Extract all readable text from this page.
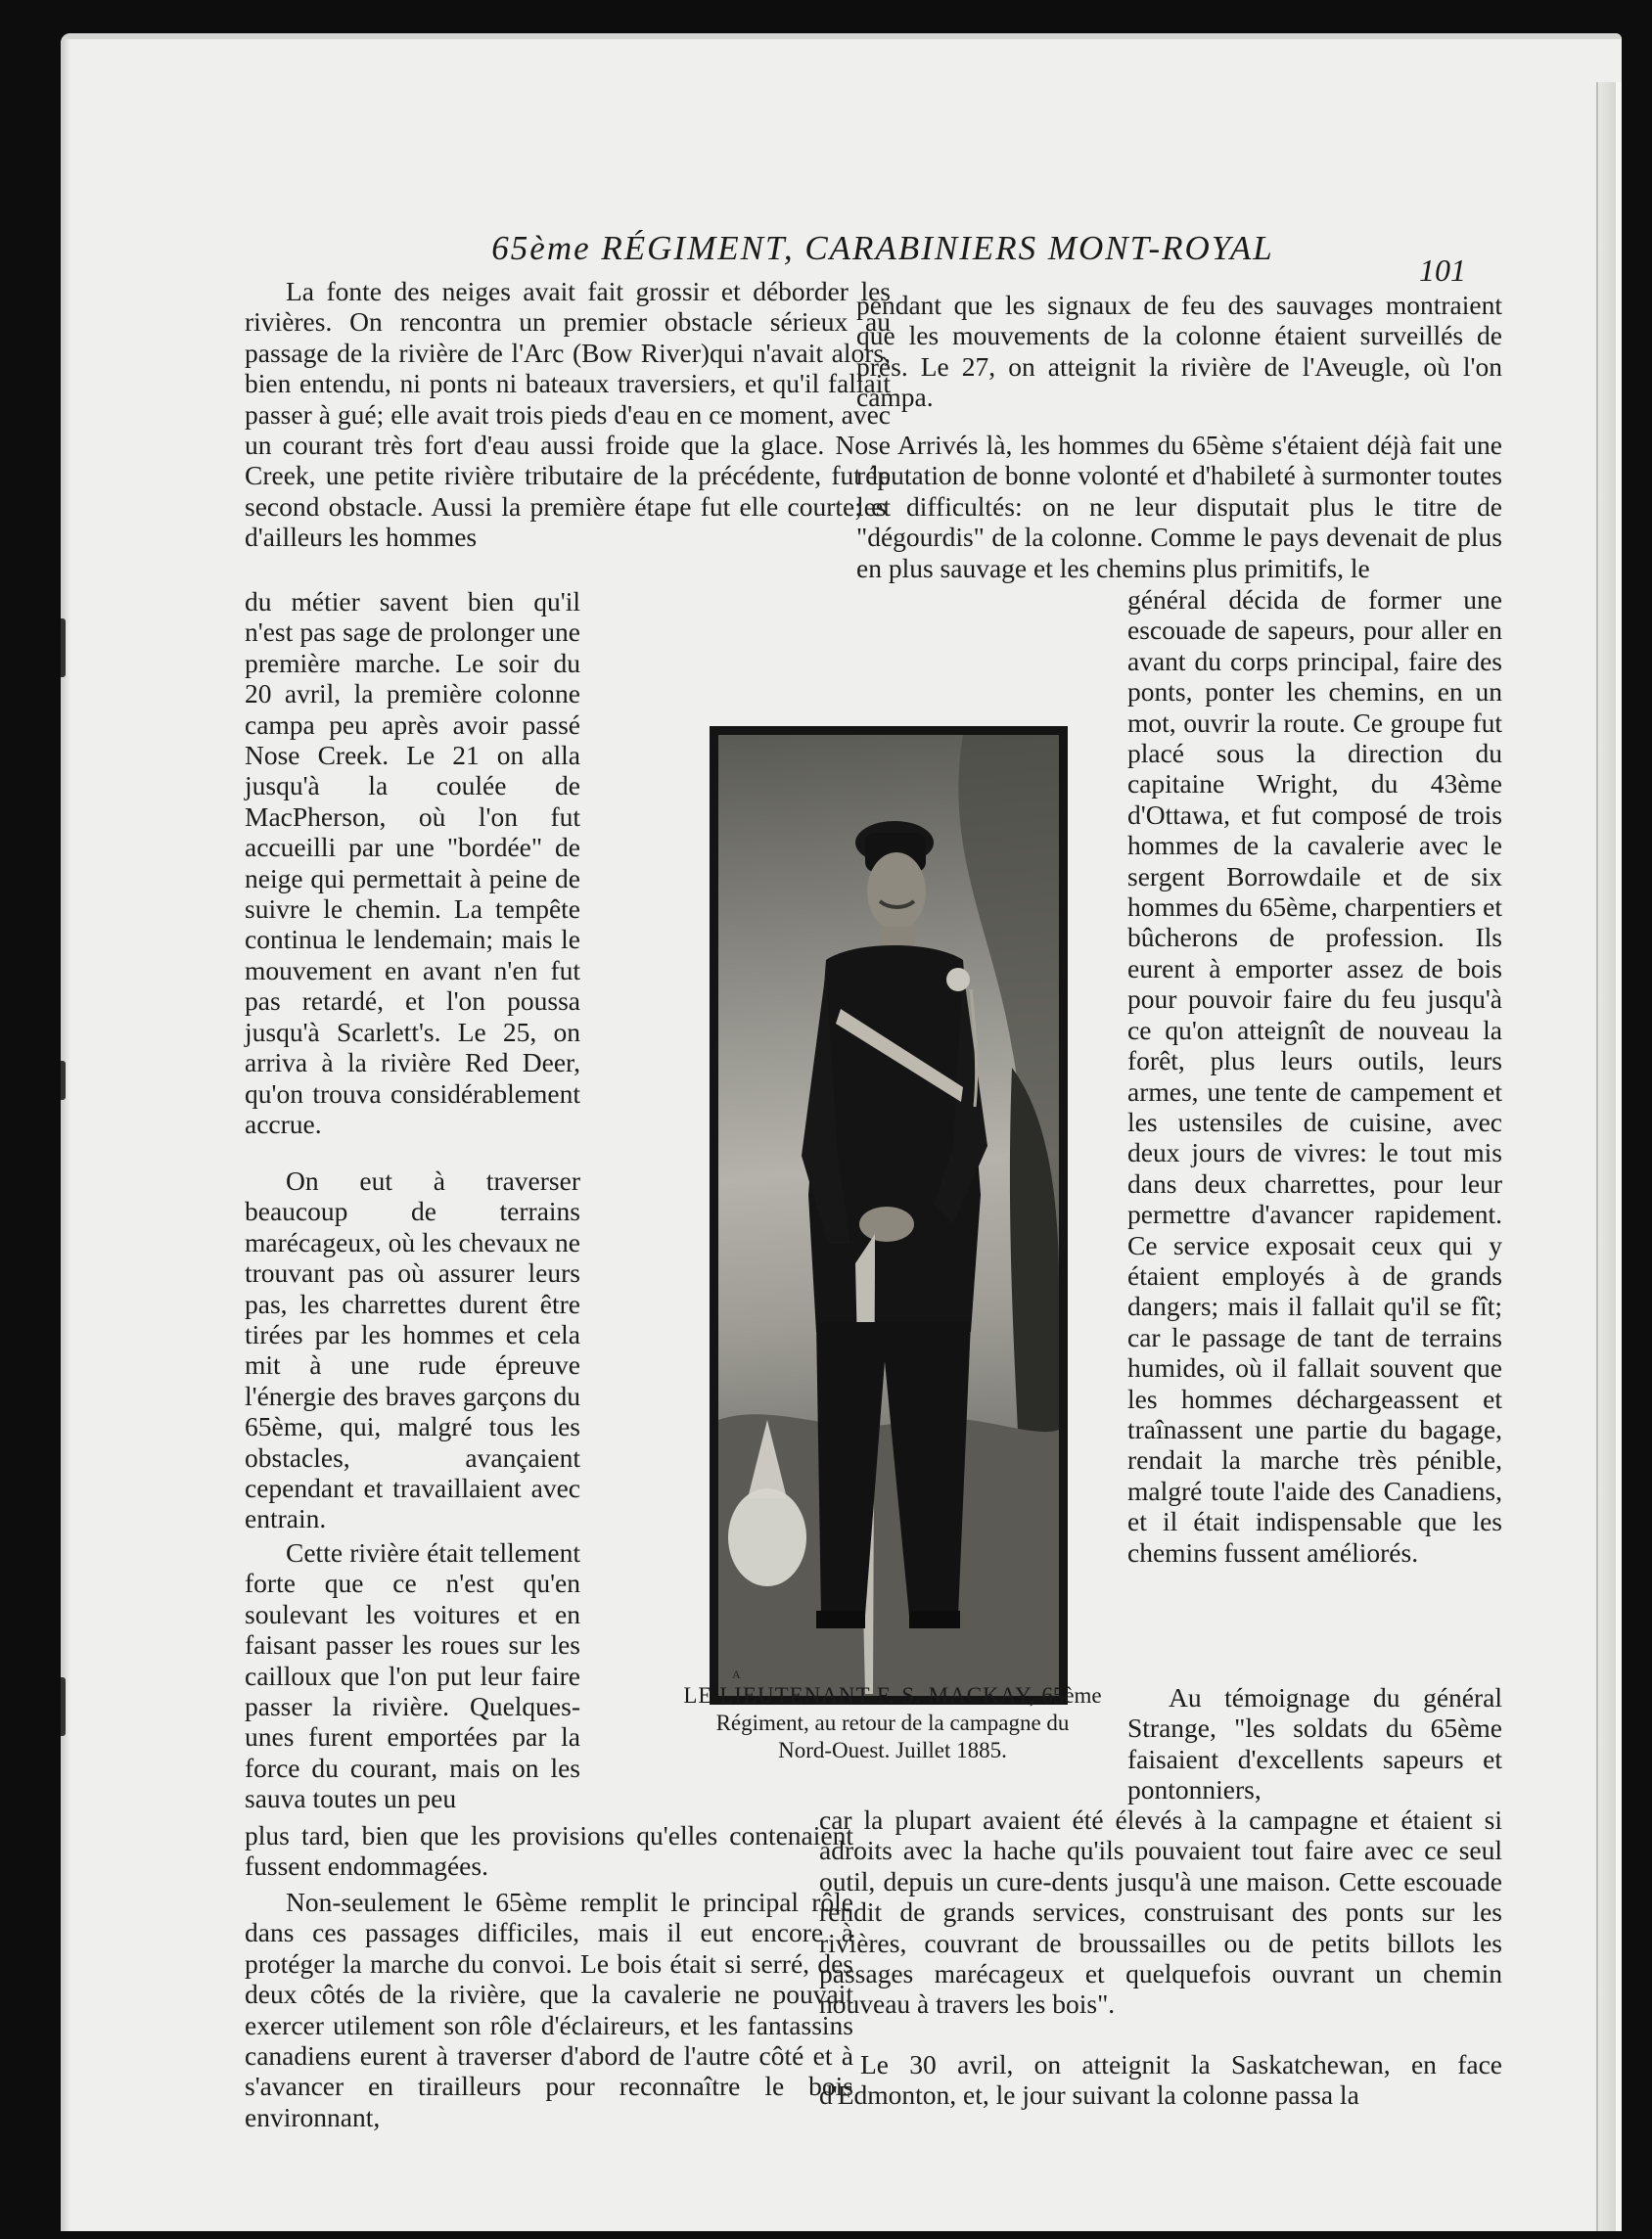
65ème RÉGIMENT, CARABINIERS MONT-ROYAL
101

La fonte des neiges avait fait grossir et déborder les rivières. On rencontra un premier obstacle sérieux au passage de la rivière de l'Arc (Bow River)qui n'avait alors, bien entendu, ni ponts ni bateaux traversiers, et qu'il fallait passer à gué; elle avait trois pieds d'eau en ce moment, avec un courant très fort d'eau aussi froide que la glace. Nose Creek, une petite rivière tributaire de la précédente, fut le second obstacle. Aussi la première étape fut elle courte; et d'ailleurs les hommes

du métier savent bien qu'il n'est pas sage de prolonger une première marche. Le soir du 20 avril, la première colonne campa peu après avoir passé Nose Creek. Le 21 on alla jusqu'à la coulée de MacPherson, où l'on fut accueilli par une "bordée" de neige qui permettait à peine de suivre le chemin. La tempête continua le lendemain; mais le mouvement en avant n'en fut pas retardé, et l'on poussa jusqu'à Scarlett's. Le 25, on arriva à la rivière Red Deer, qu'on trouva considérablement accrue.

On eut à traverser beaucoup de terrains marécageux, où les chevaux ne trouvant pas où assurer leurs pas, les charrettes durent être tirées par les hommes et cela mit à une rude épreuve l'énergie des braves garçons du 65ème, qui, malgré tous les obstacles, avançaient cependant et travaillaient avec entrain.

Cette rivière était tellement forte que ce n'est qu'en soulevant les voitures et en faisant passer les roues sur les cailloux que l'on put leur faire passer la rivière. Quelques-unes furent emportées par la force du courant, mais on les sauva toutes un peu

plus tard, bien que les provisions qu'elles contenaient fussent endommagées.

Non-seulement le 65ème remplit le principal rôle dans ces passages difficiles, mais il eut encore à protéger la marche du convoi. Le bois était si serré, des deux côtés de la rivière, que la cavalerie ne pouvait exercer utilement son rôle d'éclaireurs, et les fantassins canadiens eurent à traverser d'abord de l'autre côté et à s'avancer en tirailleurs pour reconnaître le bois environnant,

pendant que les signaux de feu des sauvages montraient que les mouvements de la colonne étaient surveillés de près. Le 27, on atteignit la rivière de l'Aveugle, où l'on campa.

Arrivés là, les hommes du 65ème s'étaient déjà fait une réputation de bonne volonté et d'habileté à surmonter toutes les difficultés: on ne leur disputait plus le titre de "dégourdis" de la colonne. Comme le pays devenait de plus en plus sauvage et les chemins plus primitifs, le

général décida de former une escouade de sapeurs, pour aller en avant du corps principal, faire des ponts, ponter les chemins, en un mot, ouvrir la route. Ce groupe fut placé sous la direction du capitaine Wright, du 43ème d'Ottawa, et fut composé de trois hommes de la cavalerie avec le sergent Borrowdaile et de six hommes du 65ème, charpentiers et bûcherons de profession. Ils eurent à emporter assez de bois pour pouvoir faire du feu jusqu'à ce qu'on atteignît de nouveau la forêt, plus leurs outils, leurs armes, une tente de campement et les ustensiles de cuisine, avec deux jours de vivres: le tout mis dans deux charrettes, pour leur permettre d'avancer rapidement. Ce service exposait ceux qui y étaient employés à de grands dangers; mais il fallait qu'il se fît; car le passage de tant de terrains humides, où il fallait souvent que les hommes déchargeassent et traînassent une partie du bagage, rendait la marche très pénible, malgré toute l'aide des Canadiens, et il était indispensable que les chemins fussent améliorés.

Au témoignage du général Strange, "les soldats du 65ème faisaient d'excellents sapeurs et pontonniers,

car la plupart avaient été élevés à la campagne et étaient si adroits avec la hache qu'ils pouvaient tout faire avec ce seul outil, depuis un cure-dents jusqu'à une maison. Cette escouade rendit de grands services, construisant des ponts sur les rivières, couvrant de broussailles ou de petits billots les passages marécageux et quelquefois ouvrant un chemin nouveau à travers les bois".

Le 30 avril, on atteignit la Saskatchewan, en face d'Edmonton, et, le jour suivant la colonne passa la

A
LE LIEUTENANT F. S. MACKAY, 65ème
Régiment, au retour de la campagne du
Nord-Ouest. Juillet 1885.
